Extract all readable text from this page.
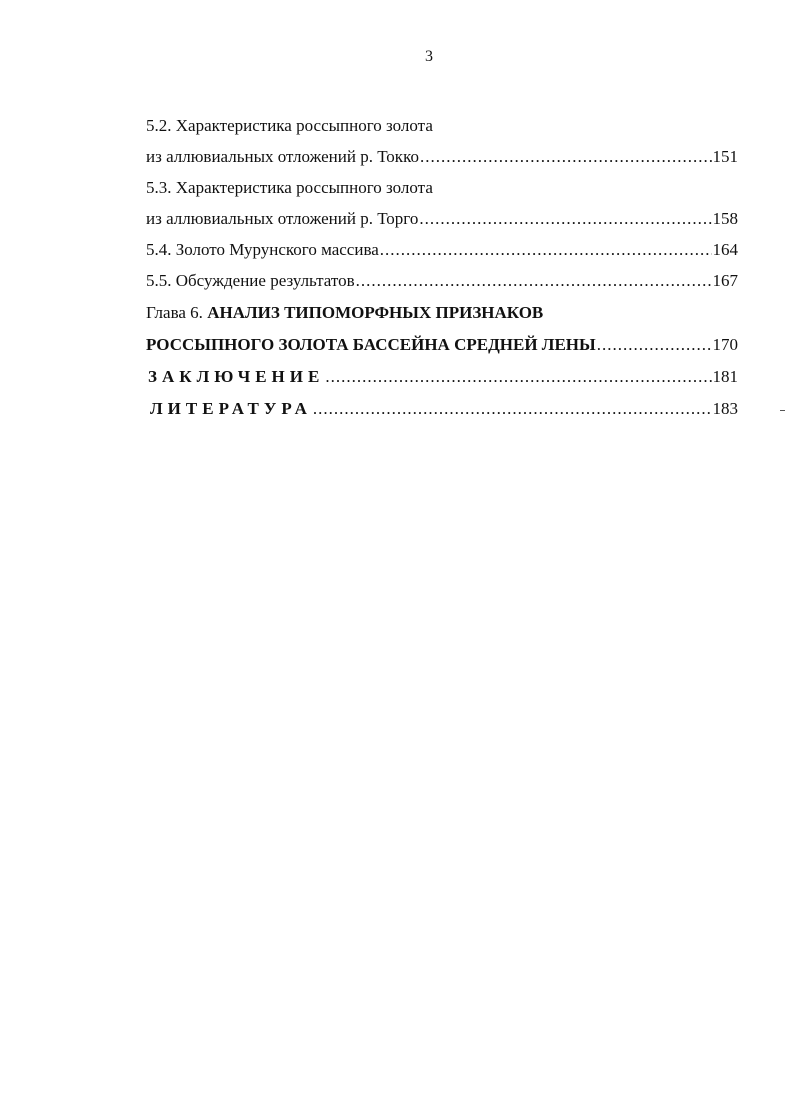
3
5.2. Характеристика россыпного золота
из аллювиальных отложений р. Токко .....	151
5.3. Характеристика россыпного золота
из аллювиальных отложений р. Торго .....	158
5.4. Золото Мурунского массива .....	164
5.5. Обсуждение результатов .....	167
Глава 6. АНАЛИЗ ТИПОМОРФНЫХ ПРИЗНАКОВ
РОССЫПНОГО ЗОЛОТА БАССЕЙНА СРЕДНЕЙ ЛЕНЫ .....	170
ЗАКЛЮЧЕНИЕ .....	181
ЛИТЕРАТУРА .....	183
